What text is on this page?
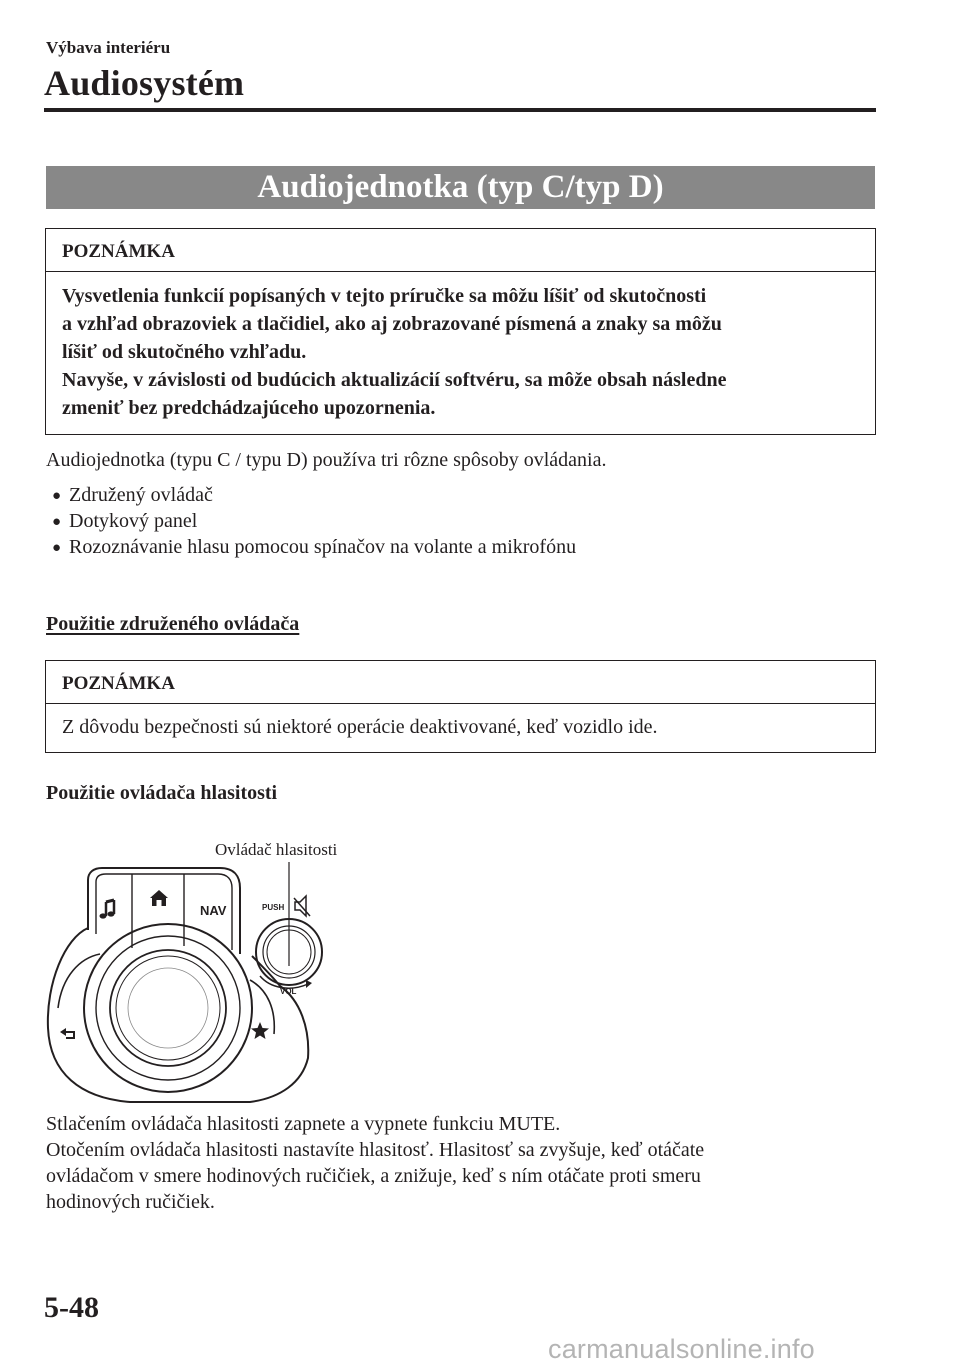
Výbava interiéru
Audiosystém
Audiojednotka (typ C/typ D)
POZNÁMKA
Vysvetlenia funkcií popísaných v tejto príručke sa môžu líšiť od skutočnosti
a vzhľad obrazoviek a tlačidiel, ako aj zobrazované písmená a znaky sa môžu
líšiť od skutočného vzhľadu.
Navyše, v závislosti od budúcich aktualizácií softvéru, sa môže obsah následne
zmeniť bez predchádzajúceho upozornenia.
Audiojednotka (typu C / typu D) používa tri rôzne spôsoby ovládania.
● Združený ovládač
● Dotykový panel
● Rozoznávanie hlasu pomocou spínačov na volante a mikrofónu
Použitie združeného ovládača
POZNÁMKA
Z dôvodu bezpečnosti sú niektoré operácie deaktivované, keď vozidlo ide.
Použitie ovládača hlasitosti
Ovládač hlasitosti
NAV	PUSH
VOL
Stlačením ovládača hlasitosti zapnete a vypnete funkciu MUTE.
Otočením ovládača hlasitosti nastavíte hlasitosť. Hlasitosť sa zvyšuje, keď otáčate
ovládačom v smere hodinových ručičiek, a znižuje, keď s ním otáčate proti smeru
hodinových ručičiek.
5-48
carmanualsonline.info
